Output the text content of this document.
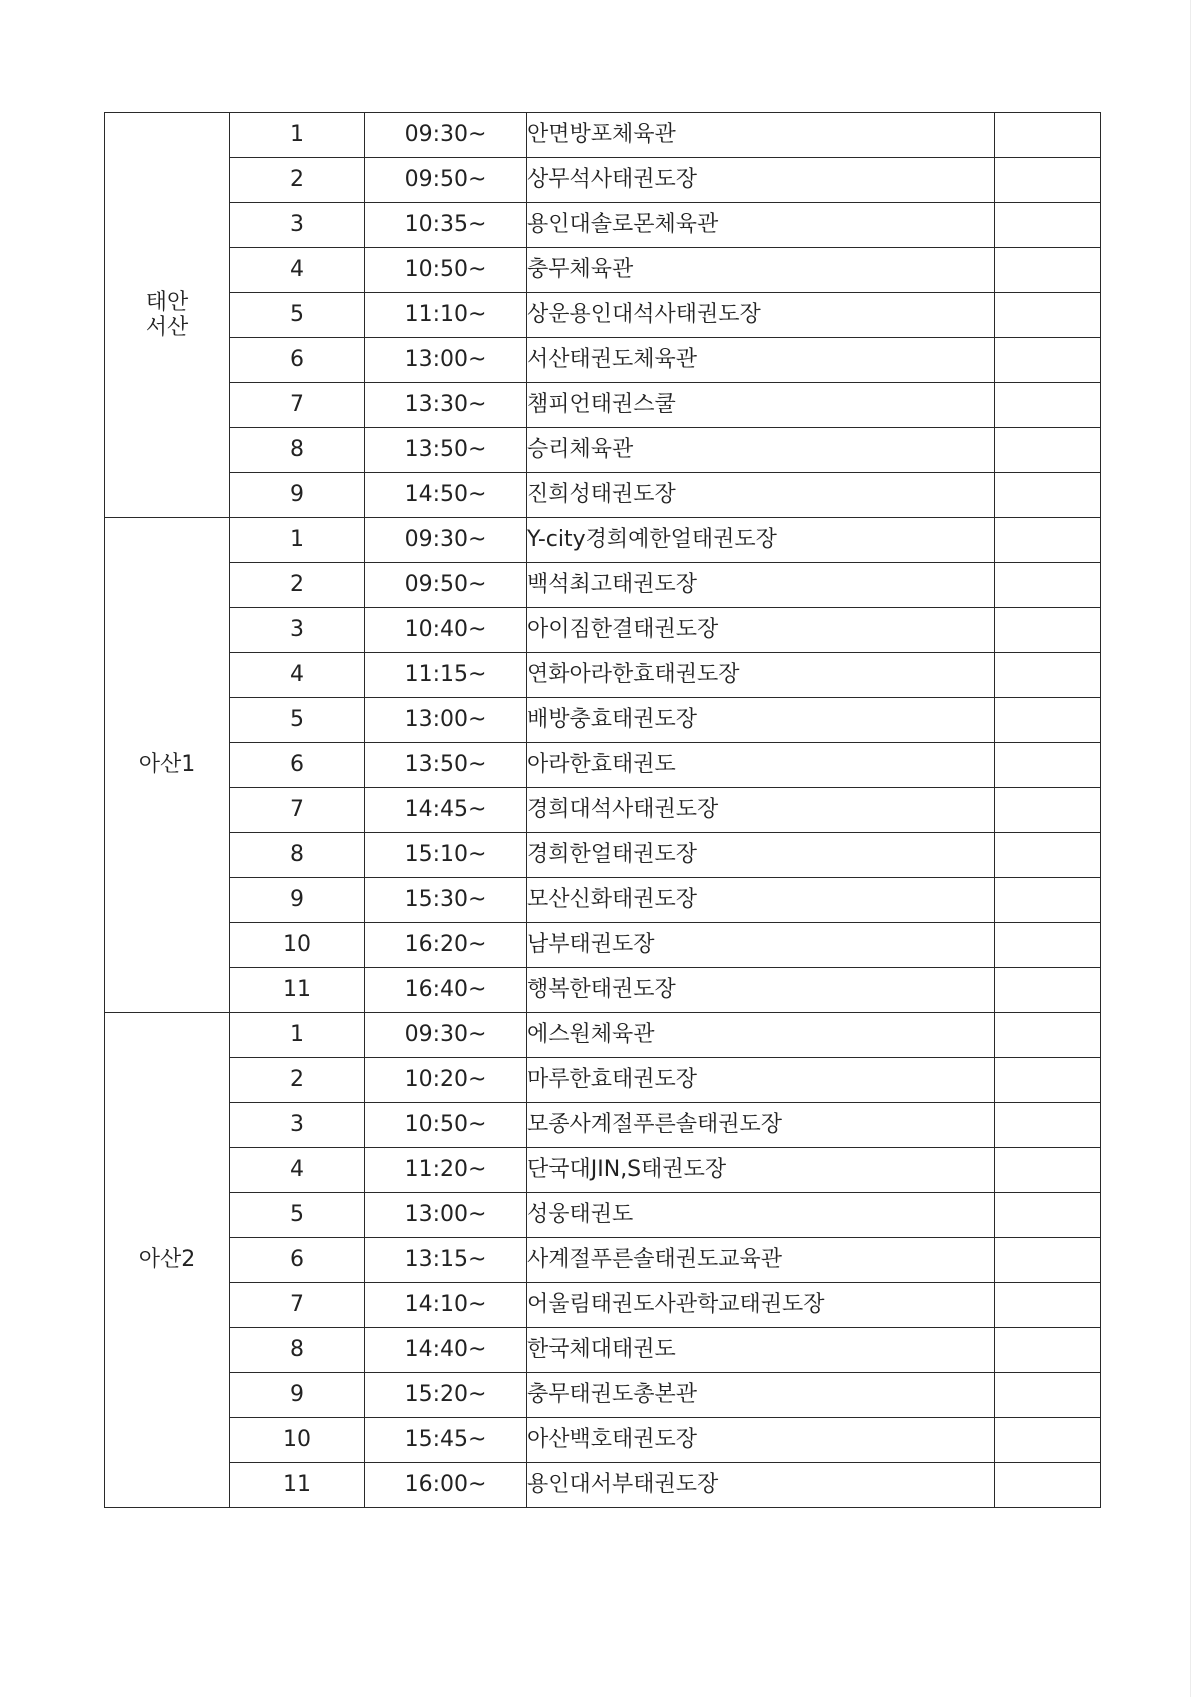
태안
서산	1	09:30~	안면방포체육관	
	2	09:50~	상무석사태권도장	
	3	10:35~	용인대솔로몬체육관	
	4	10:50~	충무체육관	
	5	11:10~	상운용인대석사태권도장	
	6	13:00~	서산태권도체육관	
	7	13:30~	챔피언태권스쿨	
	8	13:50~	승리체육관	
	9	14:50~	진희성태권도장	

아산1	1	09:30~	Y-city경희예한얼태권도장	
	2	09:50~	백석최고태권도장	
	3	10:40~	아이짐한결태권도장	
	4	11:15~	연화아라한효태권도장	
	5	13:00~	배방충효태권도장	
	6	13:50~	아라한효태권도	
	7	14:45~	경희대석사태권도장	
	8	15:10~	경희한얼태권도장	
	9	15:30~	모산신화태권도장	
	10	16:20~	남부태권도장	
	11	16:40~	행복한태권도장	

아산2	1	09:30~	에스원체육관	
	2	10:20~	마루한효태권도장	
	3	10:50~	모종사계절푸른솔태권도장	
	4	11:20~	단국대JIN,S태권도장	
	5	13:00~	성웅태권도	
	6	13:15~	사계절푸른솔태권도교육관	
	7	14:10~	어울림태권도사관학교태권도장	
	8	14:40~	한국체대태권도	
	9	15:20~	충무태권도총본관	
	10	15:45~	아산백호태권도장	
	11	16:00~	용인대서부태권도장	
